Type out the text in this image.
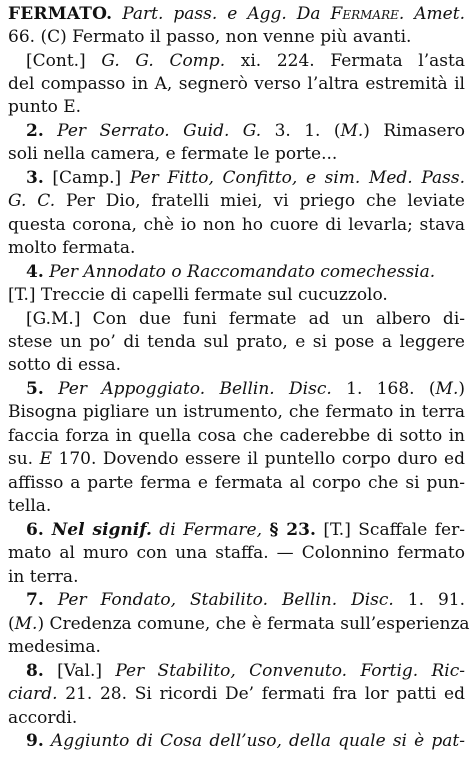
FERMATO. Part. pass. e Agg. Da Fermare. Amet.
66. (C) Fermato il passo, non venne più avanti.
[Cont.] G. G. Comp. xi. 224. Fermata l’asta
del compasso in A, segnerò verso l’altra estremità il
punto E.
2. Per Serrato. Guid. G. 3. 1. (M.) Rimasero
soli nella camera, e fermate le porte...
3. [Camp.] Per Fitto, Confitto, e sim. Med. Pass.
G. C. Per Dio, fratelli miei, vi priego che leviate
questa corona, chè io non ho cuore di levarla; stava
molto fermata.
4. Per Annodato o Raccomandato comechessia.
[T.] Treccie di capelli fermate sul cucuzzolo.
[G.M.] Con due funi fermate ad un albero di-
stese un po’ di tenda sul prato, e si pose a leggere
sotto di essa.
5. Per Appoggiato. Bellin. Disc. 1. 168. (M.)
Bisogna pigliare un istrumento, che fermato in terra
faccia forza in quella cosa che caderebbe di sotto in
su. E 170. Dovendo essere il puntello corpo duro ed
affisso a parte ferma e fermata al corpo che si pun-
tella.
6. Nel signif. di Fermare, § 23. [T.] Scaffale fer-
mato al muro con una staffa. — Colonnino fermato
in terra.
7. Per Fondato, Stabilito. Bellin. Disc. 1. 91.
(M.) Credenza comune, che è fermata sull’esperienza
medesima.
8. [Val.] Per Stabilito, Convenuto. Fortig. Ric-
ciard. 21. 28. Si ricordi De’ fermati fra lor patti ed
accordi.
9. Aggiunto di Cosa dell’uso, della quale si è pat-
